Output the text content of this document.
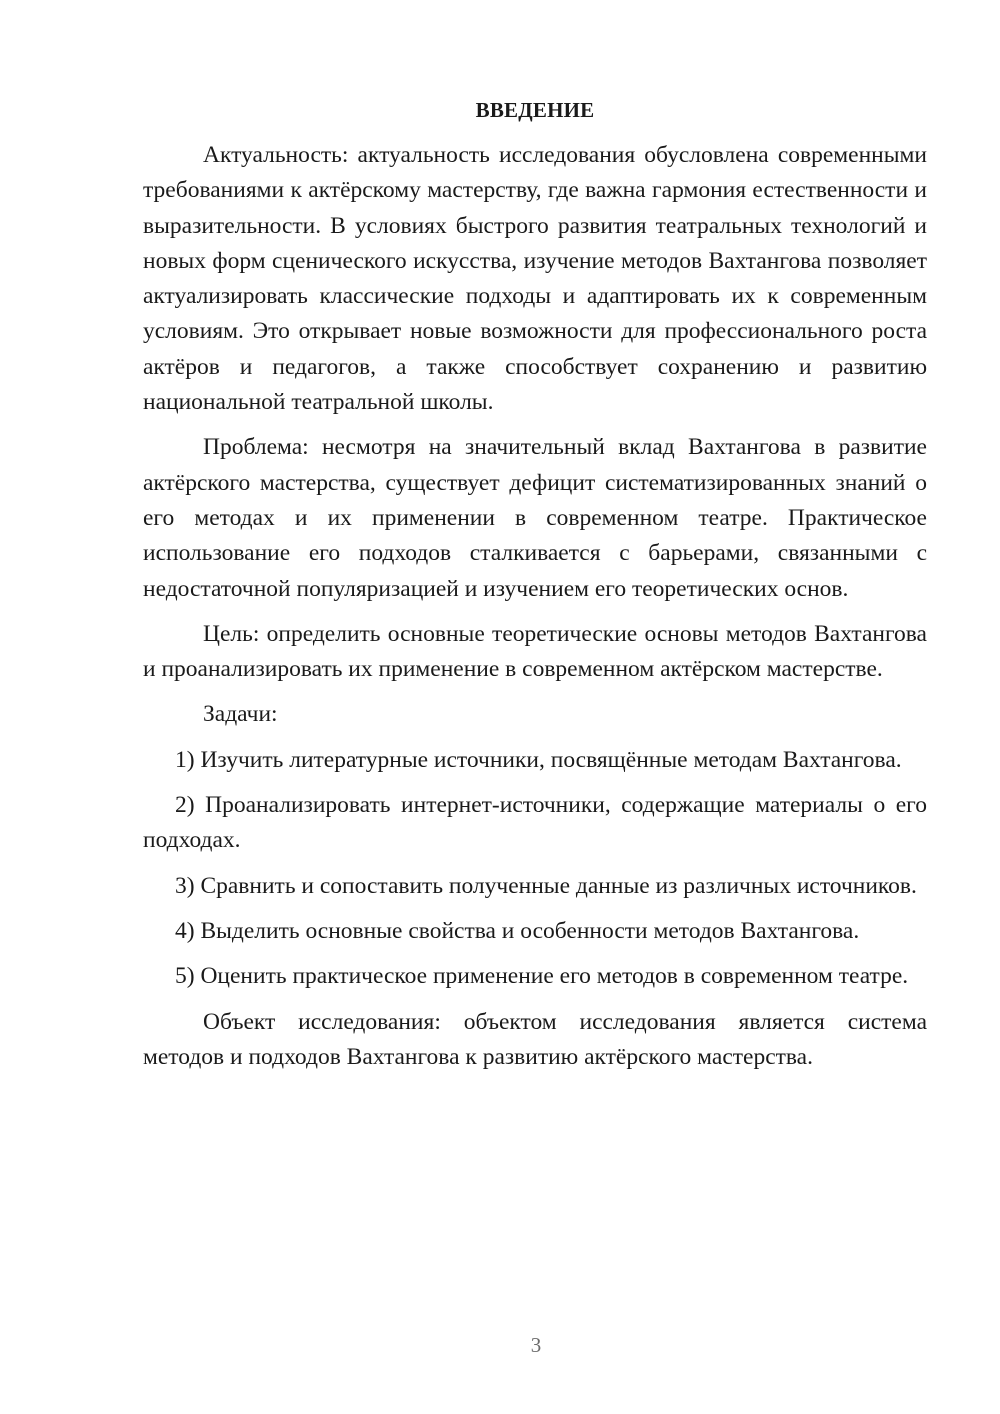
ВВЕДЕНИЕ

Актуальность: актуальность исследования обусловлена современными требованиями к актёрскому мастерству, где важна гармония естественности и выразительности. В условиях быстрого развития театральных технологий и новых форм сценического искусства, изучение методов Вахтангова позволяет актуализировать классические подходы и адаптировать их к современным условиям. Это открывает новые возможности для профессионального роста актёров и педагогов, а также способствует сохранению и развитию национальной театральной школы.

Проблема: несмотря на значительный вклад Вахтангова в развитие актёрского мастерства, существует дефицит систематизированных знаний о его методах и их применении в современном театре. Практическое использование его подходов сталкивается с барьерами, связанными с недостаточной популяризацией и изучением его теоретических основ.

Цель: определить основные теоретические основы методов Вахтангова и проанализировать их применение в современном актёрском мастерстве.

Задачи:

1) Изучить литературные источники, посвящённые методам Вахтангова.

2) Проанализировать интернет-источники, содержащие материалы о его подходах.

3) Сравнить и сопоставить полученные данные из различных источников.

4) Выделить основные свойства и особенности методов Вахтангова.

5) Оценить практическое применение его методов в современном театре.

Объект исследования: объектом исследования является система методов и подходов Вахтангова к развитию актёрского мастерства.

3
